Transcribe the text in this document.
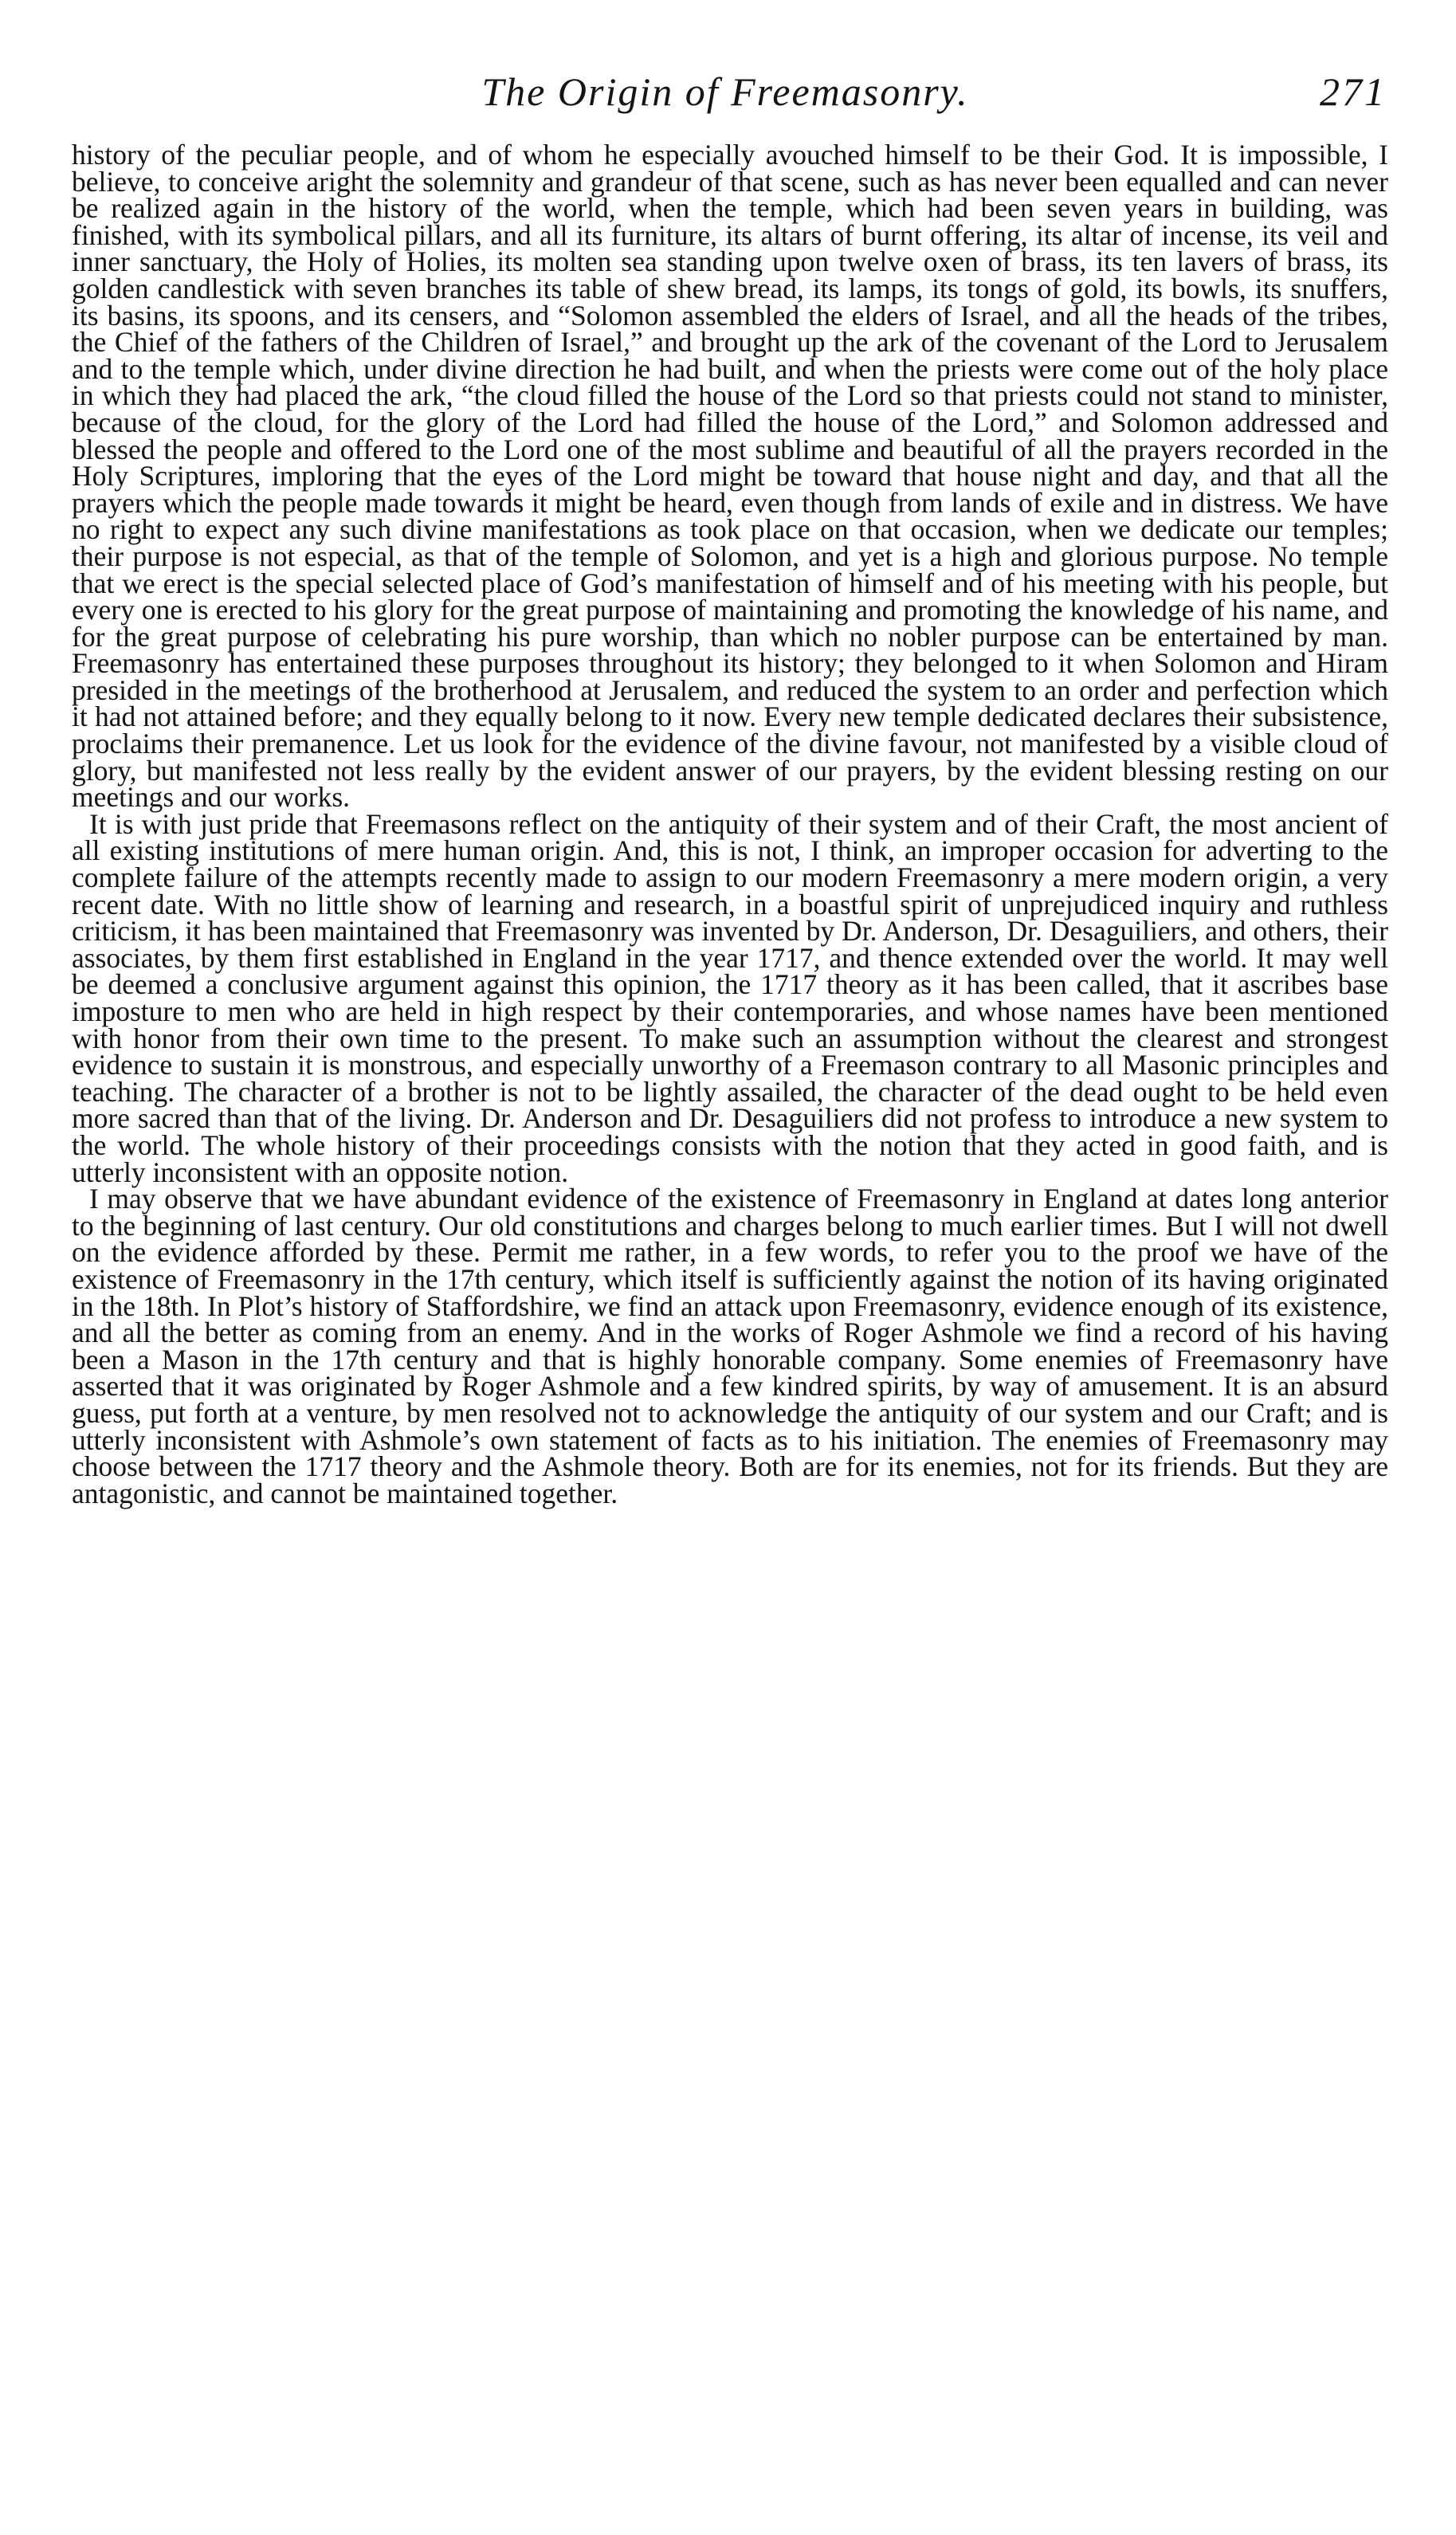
The Origin of Freemasonry.	271

history of the peculiar people, and of whom he especially avouched himself to be their God. It is impossible, I believe, to conceive aright the solemnity and grandeur of that scene, such as has never been equalled and can never be realized again in the history of the world, when the temple, which had been seven years in building, was finished, with its symbolical pillars, and all its furniture, its altars of burnt offering, its altar of incense, its veil and inner sanctuary, the Holy of Holies, its molten sea standing upon twelve oxen of brass, its ten lavers of brass, its golden candlestick with seven branches its table of shew bread, its lamps, its tongs of gold, its bowls, its snuffers, its basins, its spoons, and its censers, and “Solomon assembled the elders of Israel, and all the heads of the tribes, the Chief of the fathers of the Children of Israel,” and brought up the ark of the covenant of the Lord to Jerusalem and to the temple which, under divine direction he had built, and when the priests were come out of the holy place in which they had placed the ark, “the cloud filled the house of the Lord so that priests could not stand to minister, because of the cloud, for the glory of the Lord had filled the house of the Lord,” and Solomon addressed and blessed the people and offered to the Lord one of the most sublime and beautiful of all the prayers recorded in the Holy Scriptures, imploring that the eyes of the Lord might be toward that house night and day, and that all the prayers which the people made towards it might be heard, even though from lands of exile and in distress. We have no right to expect any such divine manifestations as took place on that occasion, when we dedicate our temples; their purpose is not especial, as that of the temple of Solomon, and yet is a high and glorious purpose. No temple that we erect is the special selected place of God’s manifestation of himself and of his meeting with his people, but every one is erected to his glory for the great purpose of maintaining and promoting the knowledge of his name, and for the great purpose of celebrating his pure worship, than which no nobler purpose can be entertained by man. Freemasonry has entertained these purposes throughout its history; they belonged to it when Solomon and Hiram presided in the meetings of the brotherhood at Jerusalem, and reduced the system to an order and perfection which it had not attained before; and they equally belong to it now. Every new temple dedicated declares their subsistence, proclaims their premanence. Let us look for the evidence of the divine favour, not manifested by a visible cloud of glory, but manifested not less really by the evident answer of our prayers, by the evident blessing resting on our meetings and our works.

It is with just pride that Freemasons reflect on the antiquity of their system and of their Craft, the most ancient of all existing institutions of mere human origin. And, this is not, I think, an improper occasion for adverting to the complete failure of the attempts recently made to assign to our modern Freemasonry a mere modern origin, a very recent date. With no little show of learning and research, in a boastful spirit of unprejudiced inquiry and ruthless criticism, it has been maintained that Freemasonry was invented by Dr. Anderson, Dr. Desaguiliers, and others, their associates, by them first established in England in the year 1717, and thence extended over the world. It may well be deemed a conclusive argument against this opinion, the 1717 theory as it has been called, that it ascribes base imposture to men who are held in high respect by their contemporaries, and whose names have been mentioned with honor from their own time to the present. To make such an assumption without the clearest and strongest evidence to sustain it is monstrous, and especially unworthy of a Freemason contrary to all Masonic principles and teaching. The character of a brother is not to be lightly assailed, the character of the dead ought to be held even more sacred than that of the living. Dr. Anderson and Dr. Desaguiliers did not profess to introduce a new system to the world. The whole history of their proceedings consists with the notion that they acted in good faith, and is utterly inconsistent with an opposite notion.

I may observe that we have abundant evidence of the existence of Freemasonry in England at dates long anterior to the beginning of last century. Our old constitutions and charges belong to much earlier times. But I will not dwell on the evidence afforded by these. Permit me rather, in a few words, to refer you to the proof we have of the existence of Freemasonry in the 17th century, which itself is sufficiently against the notion of its having originated in the 18th. In Plot’s history of Staffordshire, we find an attack upon Freemasonry, evidence enough of its existence, and all the better as coming from an enemy. And in the works of Roger Ashmole we find a record of his having been a Mason in the 17th century and that is highly honorable company. Some enemies of Freemasonry have asserted that it was originated by Roger Ashmole and a few kindred spirits, by way of amusement. It is an absurd guess, put forth at a venture, by men resolved not to acknowledge the antiquity of our system and our Craft; and is utterly inconsistent with Ashmole’s own statement of facts as to his initiation. The enemies of Freemasonry may choose between the 1717 theory and the Ashmole theory. Both are for its enemies, not for its friends. But they are antagonistic, and cannot be maintained together.
